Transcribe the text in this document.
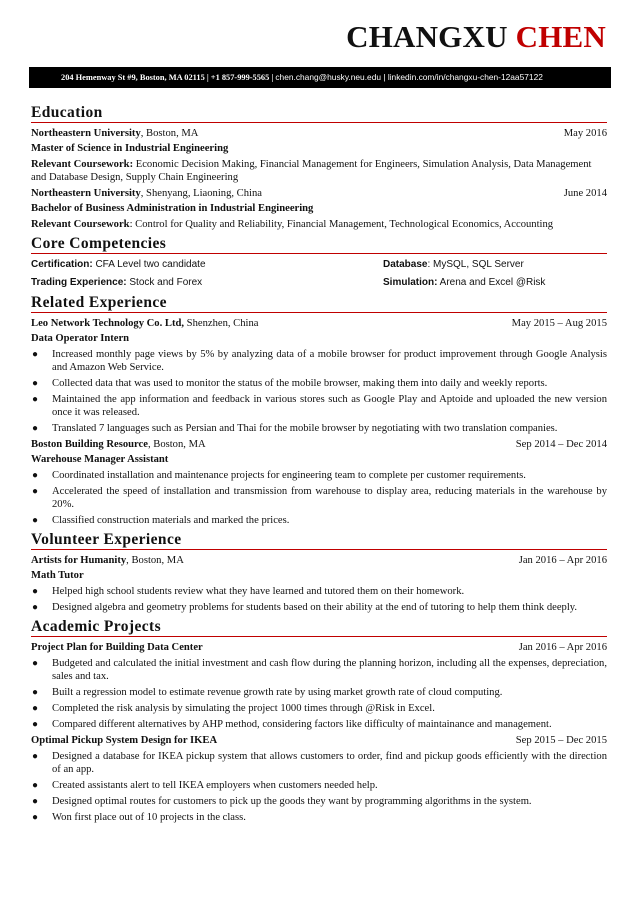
CHANGXU CHEN
204 Hemenway St #9, Boston, MA 02115 | +1 857-999-5565 | chen.chang@husky.neu.edu | linkedin.com/in/changxu-chen-12aa57122
Education
Northeastern University, Boston, MA	May 2016
Master of Science in Industrial Engineering
Relevant Coursework: Economic Decision Making, Financial Management for Engineers, Simulation Analysis, Data Management and Database Design, Supply Chain Engineering
Northeastern University, Shenyang, Liaoning, China	June 2014
Bachelor of Business Administration in Industrial Engineering
Relevant Coursework: Control for Quality and Reliability, Financial Management, Technological Economics, Accounting
Core Competencies
Certification: CFA Level two candidate	Database: MySQL, SQL Server
Trading Experience: Stock and Forex	Simulation: Arena and Excel @Risk
Related Experience
Leo Network Technology Co. Ltd, Shenzhen, China	May 2015 – Aug 2015
Data Operator Intern
● Increased monthly page views by 5% by analyzing data of a mobile browser for product improvement through Google Analysis and Amazon Web Service.
● Collected data that was used to monitor the status of the mobile browser, making them into daily and weekly reports.
● Maintained the app information and feedback in various stores such as Google Play and Aptoide and uploaded the new version once it was released.
● Translated 7 languages such as Persian and Thai for the mobile browser by negotiating with two translation companies.
Boston Building Resource, Boston, MA	Sep 2014 – Dec 2014
Warehouse Manager Assistant
● Coordinated installation and maintenance projects for engineering team to complete per customer requirements.
● Accelerated the speed of installation and transmission from warehouse to display area, reducing materials in the warehouse by 20%.
● Classified construction materials and marked the prices.
Volunteer Experience
Artists for Humanity, Boston, MA	Jan 2016 – Apr 2016
Math Tutor
● Helped high school students review what they have learned and tutored them on their homework.
● Designed algebra and geometry problems for students based on their ability at the end of tutoring to help them think deeply.
Academic Projects
Project Plan for Building Data Center	Jan 2016 – Apr 2016
● Budgeted and calculated the initial investment and cash flow during the planning horizon, including all the expenses, depreciation, sales and tax.
● Built a regression model to estimate revenue growth rate by using market growth rate of cloud computing.
● Completed the risk analysis by simulating the project 1000 times through @Risk in Excel.
● Compared different alternatives by AHP method, considering factors like difficulty of maintainance and management.
Optimal Pickup System Design for IKEA	Sep 2015 – Dec 2015
● Designed a database for IKEA pickup system that allows customers to order, find and pickup goods efficiently with the direction of an app.
● Created assistants alert to tell IKEA employers when customers needed help.
● Designed optimal routes for customers to pick up the goods they want by programming algorithms in the system.
● Won first place out of 10 projects in the class.
